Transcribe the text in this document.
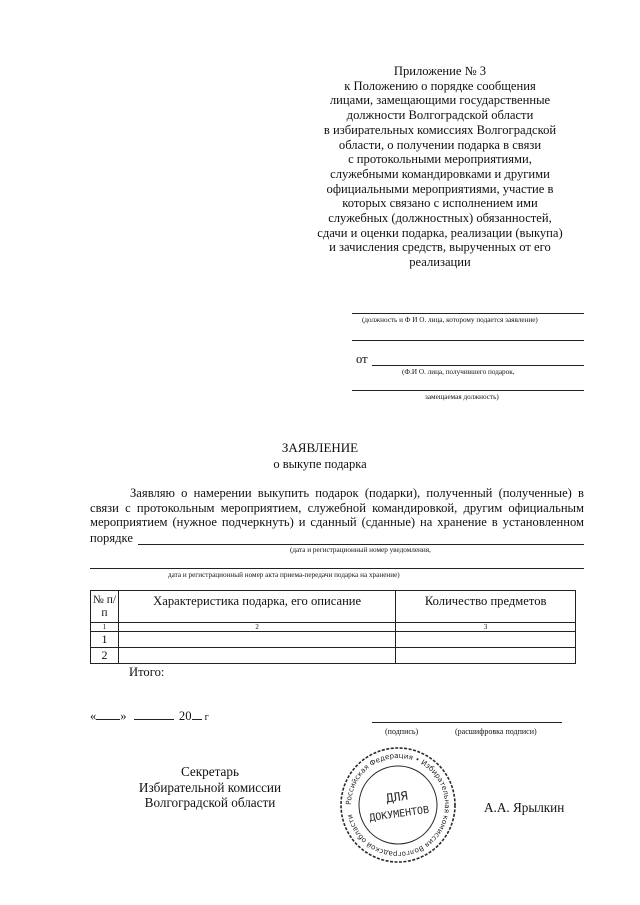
Приложение № 3
к Положению о порядке сообщения
лицами, замещающими государственные
должности Волгоградской области
в избирательных комиссиях Волгоградской
области, о получении подарка в связи
с протокольными мероприятиями,
служебными командировками и другими
официальными мероприятиями, участие в
которых связано с исполнением ими
служебных (должностных) обязанностей,
сдачи и оценки подарка, реализации (выкупа)
и зачисления средств, вырученных от его
реализации
(должность и Ф И О. лица, которому подается заявление)
от
(Ф.И О. лица, получившего подарок,
замещаемая должность)
ЗАЯВЛЕНИЕ
о выкупе подарка
Заявляю о намерении выкупить подарок (подарки), полученный (полученные) в
связи с протокольным мероприятием, служебной командировкой, другим официальным
мероприятием (нужное подчеркнуть) и сданный (сданные) на хранение в установленном
порядке
(дата и регистрационный номер уведомления,
дата и регистрационный номер акта приема-передачи подарка на хранение)
№ п/п	Характеристика подарка, его описание	Количество предметов
1	2	3
1		
2		
Итого:
« »	20 г
(подпись)	(расшифровка подписи)
Секретарь
Избирательной комиссии
Волгоградской области	А.А. Ярылкин
Российская Федерация • Избирательная комиссия Волгоградской области
ДЛЯ
ДОКУМЕНТОВ
